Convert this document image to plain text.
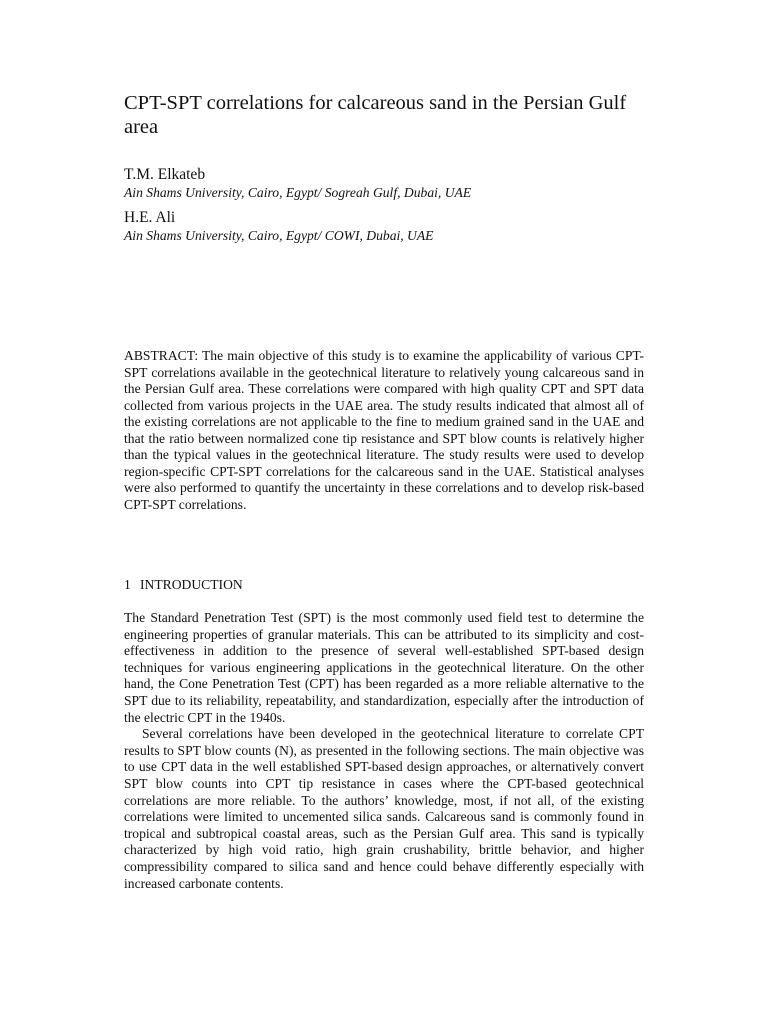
CPT-SPT correlations for calcareous sand in the Persian Gulf area

T.M. Elkateb

Ain Shams University, Cairo, Egypt/ Sogreah Gulf, Dubai, UAE

H.E. Ali

Ain Shams University, Cairo, Egypt/ COWI, Dubai, UAE

ABSTRACT: The main objective of this study is to examine the applicability of various CPT-SPT correlations available in the geotechnical literature to relatively young calcareous sand in the Persian Gulf area. These correlations were compared with high quality CPT and SPT data collected from various projects in the UAE area. The study results indicated that almost all of the existing correlations are not applicable to the fine to medium grained sand in the UAE and that the ratio between normalized cone tip resistance and SPT blow counts is relatively higher than the typical values in the geotechnical literature. The study results were used to develop region-specific CPT-SPT correlations for the calcareous sand in the UAE. Statistical analyses were also performed to quantify the uncertainty in these correlations and to develop risk-based CPT-SPT correlations.

1 INTRODUCTION

The Standard Penetration Test (SPT) is the most commonly used field test to determine the engineering properties of granular materials. This can be attributed to its simplicity and cost-effectiveness in addition to the presence of several well-established SPT-based design techniques for various engineering applications in the geotechnical literature. On the other hand, the Cone Penetration Test (CPT) has been regarded as a more reliable alternative to the SPT due to its reliability, repeatability, and standardization, especially after the introduction of the electric CPT in the 1940s.

Several correlations have been developed in the geotechnical literature to correlate CPT results to SPT blow counts (N), as presented in the following sections. The main objective was to use CPT data in the well established SPT-based design approaches, or alternatively convert SPT blow counts into CPT tip resistance in cases where the CPT-based geotechnical correlations are more reliable. To the authors’ knowledge, most, if not all, of the existing correlations were limited to uncemented silica sands. Calcareous sand is commonly found in tropical and subtropical coastal areas, such as the Persian Gulf area. This sand is typically characterized by high void ratio, high grain crushability, brittle behavior, and higher compressibility compared to silica sand and hence could behave differently especially with increased carbonate contents.
